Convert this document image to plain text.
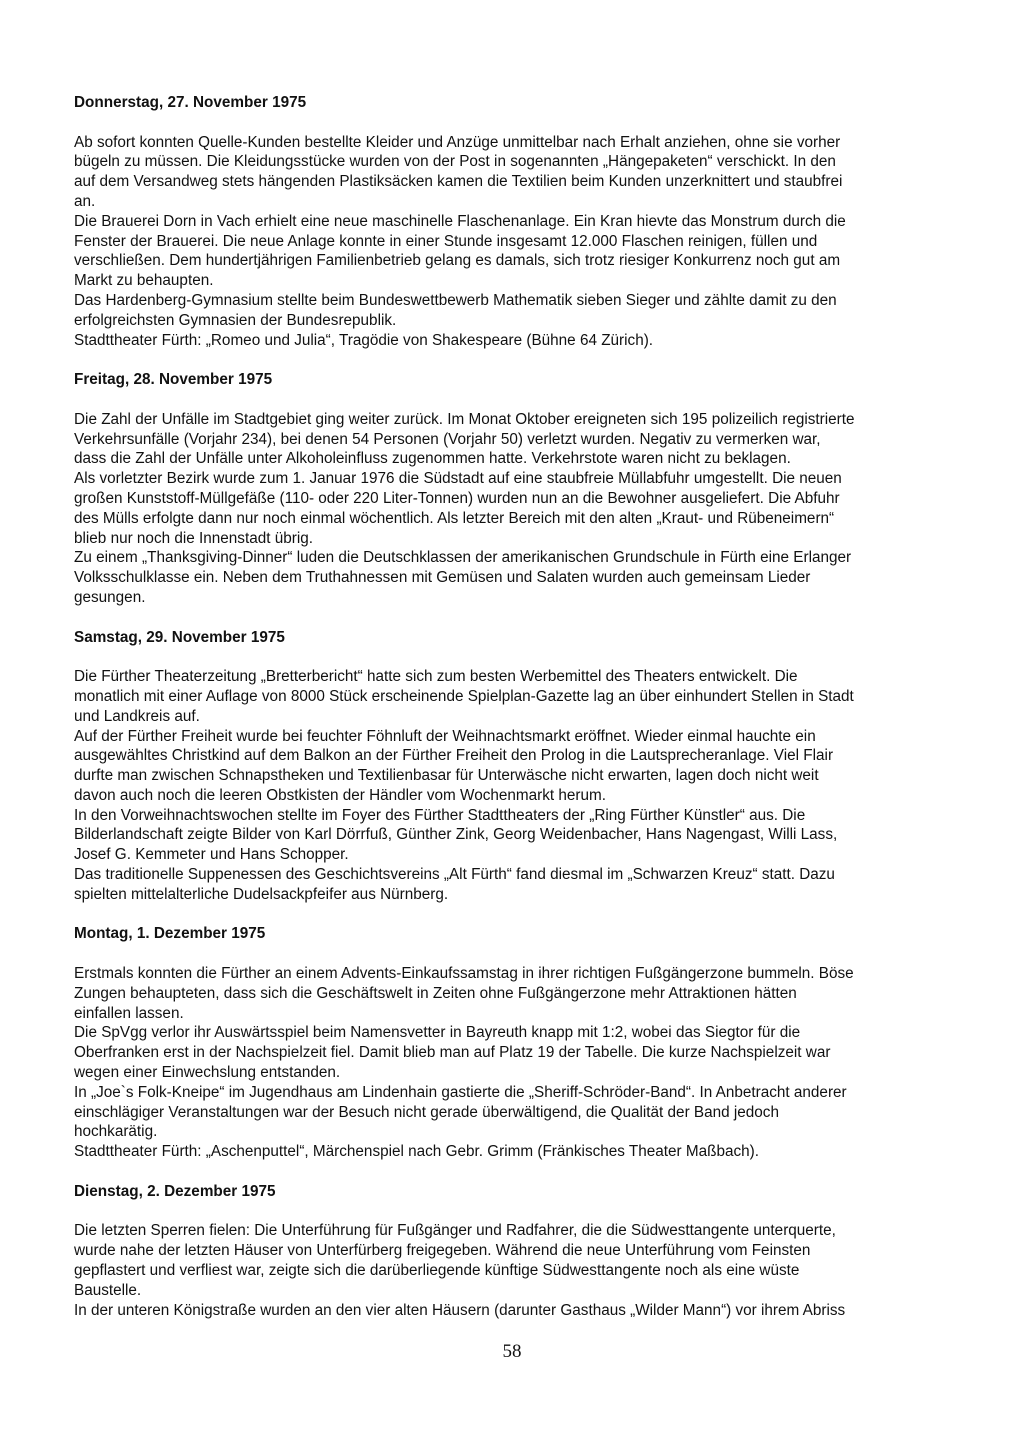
Donnerstag, 27. November 1975
Ab sofort konnten Quelle-Kunden bestellte Kleider und Anzüge unmittelbar nach Erhalt anziehen, ohne sie vorher
bügeln zu müssen. Die Kleidungsstücke wurden von der Post in sogenannten „Hängepaketen“ verschickt. In den
auf dem Versandweg stets hängenden Plastiksäcken kamen die Textilien beim Kunden unzerknittert und staubfrei
an.
Die Brauerei Dorn in Vach erhielt eine neue maschinelle Flaschenanlage. Ein Kran hievte das Monstrum durch die
Fenster der Brauerei. Die neue Anlage konnte in einer Stunde insgesamt 12.000 Flaschen reinigen, füllen und
verschließen. Dem hundertjährigen Familienbetrieb gelang es damals, sich trotz riesiger Konkurrenz noch gut am
Markt zu behaupten.
Das Hardenberg-Gymnasium stellte beim Bundeswettbewerb Mathematik sieben Sieger und zählte damit zu den
erfolgreichsten Gymnasien der Bundesrepublik.
Stadttheater Fürth: „Romeo und Julia“, Tragödie von Shakespeare (Bühne 64 Zürich).
Freitag, 28. November 1975
Die Zahl der Unfälle im Stadtgebiet ging weiter zurück. Im Monat Oktober ereigneten sich 195 polizeilich registrierte
Verkehrsunfälle (Vorjahr 234), bei denen 54 Personen (Vorjahr 50) verletzt wurden. Negativ zu vermerken war,
dass die Zahl der Unfälle unter Alkoholeinfluss zugenommen hatte. Verkehrstote waren nicht zu beklagen.
Als vorletzter Bezirk wurde zum 1. Januar 1976 die Südstadt auf eine staubfreie Müllabfuhr umgestellt. Die neuen
großen Kunststoff-Müllgefäße (110- oder 220 Liter-Tonnen) wurden nun an die Bewohner ausgeliefert. Die Abfuhr
des Mülls erfolgte dann nur noch einmal wöchentlich. Als letzter Bereich mit den alten „Kraut- und Rübeneimern“
blieb nur noch die Innenstadt übrig.
Zu einem „Thanksgiving-Dinner“ luden die Deutschklassen der amerikanischen Grundschule in Fürth eine Erlanger
Volksschulklasse ein. Neben dem Truthahnessen mit Gemüsen und Salaten wurden auch gemeinsam Lieder
gesungen.
Samstag, 29. November 1975
Die Fürther Theaterzeitung „Bretterbericht“ hatte sich zum besten Werbemittel des Theaters entwickelt. Die
monatlich mit einer Auflage von 8000 Stück erscheinende Spielplan-Gazette lag an über einhundert Stellen in Stadt
und Landkreis auf.
Auf der Fürther Freiheit wurde bei feuchter Föhnluft der Weihnachtsmarkt eröffnet. Wieder einmal hauchte ein
ausgewähltes Christkind auf dem Balkon an der Fürther Freiheit den Prolog in die Lautsprecheranlage. Viel Flair
durfte man zwischen Schnapstheken und Textilienbasar für Unterwäsche nicht erwarten, lagen doch nicht weit
davon auch noch die leeren Obstkisten der Händler vom Wochenmarkt herum.
In den Vorweihnachtswochen stellte im Foyer des Fürther Stadttheaters der „Ring Fürther Künstler“ aus. Die
Bilderlandschaft zeigte Bilder von Karl Dörrfuß, Günther Zink, Georg Weidenbacher, Hans Nagengast, Willi Lass,
Josef G. Kemmeter und Hans Schopper.
Das traditionelle Suppenessen des Geschichtsvereins „Alt Fürth“ fand diesmal im „Schwarzen Kreuz“ statt. Dazu
spielten mittelalterliche Dudelsackpfeifer aus Nürnberg.
Montag, 1. Dezember 1975
Erstmals konnten die Fürther an einem Advents-Einkaufssamstag in ihrer richtigen Fußgängerzone bummeln. Böse
Zungen behaupteten, dass sich die Geschäftswelt in Zeiten ohne Fußgängerzone mehr Attraktionen hätten
einfallen lassen.
Die SpVgg verlor ihr Auswärtsspiel beim Namensvetter in Bayreuth knapp mit 1:2, wobei das Siegtor für die
Oberfranken erst in der Nachspielzeit fiel. Damit blieb man auf Platz 19 der Tabelle. Die kurze Nachspielzeit war
wegen einer Einwechslung entstanden.
In „Joe`s Folk-Kneipe“ im Jugendhaus am Lindenhain gastierte die „Sheriff-Schröder-Band“. In Anbetracht anderer
einschlägiger Veranstaltungen war der Besuch nicht gerade überwältigend, die Qualität der Band jedoch
hochkarätig.
Stadttheater Fürth: „Aschenputtel“, Märchenspiel nach Gebr. Grimm (Fränkisches Theater Maßbach).
Dienstag, 2. Dezember 1975
Die letzten Sperren fielen: Die Unterführung für Fußgänger und Radfahrer, die die Südwesttangente unterquerte,
wurde nahe der letzten Häuser von Unterfürberg freigegeben. Während die neue Unterführung vom Feinsten
gepflastert und verfliest war, zeigte sich die darüberliegende künftige Südwesttangente noch als eine wüste
Baustelle.
In der unteren Königstraße wurden an den vier alten Häusern (darunter Gasthaus „Wilder Mann“) vor ihrem Abriss
58
